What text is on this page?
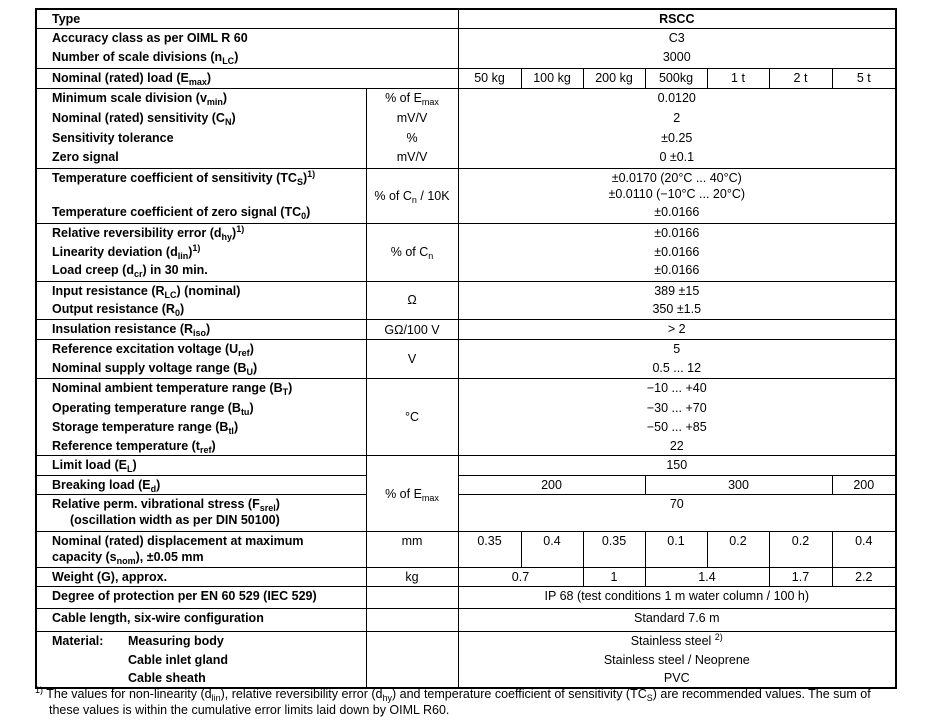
Type		RSCC						
Accuracy class as per OIML R 60		C3						
Number of scale divisions $(n_{LC})$		3000						
Nominal (rated) load $(E_{max})$		50 kg	100 kg	200 kg	500kg	1 t	2 t	5 t
Minimum scale division $(v_{min})$	% of $E_{max}$	0.0120						
Nominal (rated) sensitivity $(C_N)$	mV/V	2						
Sensitivity tolerance	%	±0.25						
Zero signal	mV/V	0 ±0.1						
Temperature coefficient of sensitivity $(TC_S)^{1)}$	% of $C_n / 10K$	±0.0170 (20°C ... 40°C)
±0.0110 (−10°C ... 20°C)						
Temperature coefficient of zero signal $(TC_0)$		±0.0166						
Relative reversibility error $(d_{hy})^{1)}$	% of $C_n$	±0.0166						
Linearity deviation $(d_{lin})^{1)}$		±0.0166						
Load creep $(d_{cr})$ in 30 min.		±0.0166						
Input resistance $(R_{LC})$ (nominal)	Ω	389 ±15						
Output resistance $(R_0)$		350 ±1.5						
Insulation resistance $(R_{iso})$	GΩ/100 V	> 2						
Reference excitation voltage $(U_{ref})$	V	5						
Nominal supply voltage range $(B_U)$		0.5 ... 12						
Nominal ambient temperature range $(B_T)$	°C	−10 ... +40						
Operating temperature range $(B_{tu})$		−30 ... +70						
Storage temperature range $(B_{tl})$		−50 ... +85						
Reference temperature $(t_{ref})$		22						
Limit load $(E_L)$	% of $E_{max}$	150						
Breaking load $(E_d)$		200			300			200
Relative perm. vibrational stress $(F_{srel})$
(oscillation width as per DIN 50100)		70						
Nominal (rated) displacement at maximum
capacity $(s_{nom})$, ±0.05 mm	mm	0.35	0.4	0.35	0.1	0.2	0.2	0.4
Weight (G), approx.	kg	0.7		1	1.4		1.7	2.2
Degree of protection per EN 60 529 (IEC 529)		IP 68 (test conditions 1 m water column / 100 h)						
Cable length, six-wire configuration		Standard 7.6 m						
Material: Measuring body		Stainless steel $^{2)}$
Cable inlet gland		Stainless steel / Neoprene						
Cable sheath		PVC						
$^{1)}$ The values for non-linearity $(d_{lin})$, relative reversibility error $(d_{hy})$ and temperature coefficient of sensitivity $(TC_S)$ are recommended values. The sum of these values is within the cumulative error limits laid down by OIML R60.
